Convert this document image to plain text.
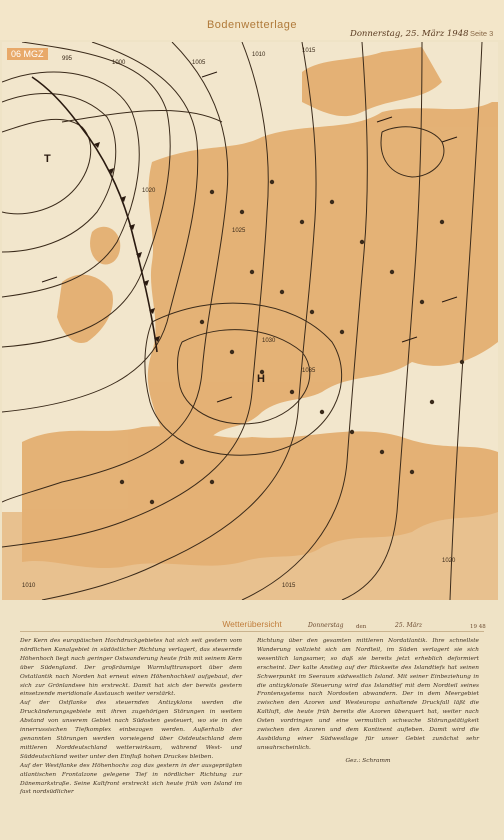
Bodenwetterlage
Donnerstag, 25. März 1948 Seite 3
995
1000	1005
1010
1015
1020
1025
1030
1035
1020
1015
1010
T
H
06 MGZ
Wetterübersicht	Donnerstag den	25. März	19 48

Der Kern des europäischen Hochdruckgebietes hat sich seit gestern vom nördlichen Kanalgebiet in südöstlicher Richtung verlagert, das steuernde Höhenhoch liegt nach geringer Ostwanderung heute früh mit seinem Kern über Südengland. Der großräumige Warmlufttransport über dem Ostatlantik nach Norden hat erneut einen Höhenhochkeil aufgebaut, der sich zur Grönlandsee hin erstreckt. Damit hat sich der bereits gestern einsetzende meridionale Austausch weiter verstärkt.

Auf der Ostflanke des steuernden Antizyklons werden die Druckänderungsgebiete mit ihren zugehörigen Störungen in weitem Abstand von unserem Gebiet nach Südosten gesteuert, wo sie in den innerrussischen Tiefkomplex einbezogen werden. Außerhalb der genannten Störungen werden vorwiegend über Ostdeutschland dem mittleren Norddeutschland wetterwirksam, während West- und Süddeutschland weiter unter den Einfluß hohen Druckes bleiben.

Auf der Westflanke des Höhenhochs zog das gestern in der ausgeprägten atlantischen Frontalzone gelegene Tief in nördlicher Richtung zur Dänemarkstraße. Seine Kaltfront erstreckt sich heute früh von Island im fast nordsüdlicher

Richtung über den gesamten mittleren Nordatlantik. Ihre schnellste Wanderung vollzieht sich am Nordteil, im Süden verlagert sie sich wesentlich langsamer, so daß sie bereits jetzt erheblich deformiert erscheint. Der kalte Anstieg auf der Rückseite des Islandtiefs hat seinen Schwerpunkt im Seeraum südwestlich Island. Mit seiner Einbeziehung in die antizyklonale Steuerung wird das Islandtief mit dem Nordteil seines Frontensystems nach Nordosten abwandern. Der in dem Meergebiet zwischen den Azoren und Westeuropa anhaltende Druckfall läßt die Kaltluft, die heute früh bereits die Azoren überquert hat, weiter nach Osten vordringen und eine vermutlich schwache Störungstätigkeit zwischen den Azoren und dem Kontinent aufleben. Damit wird die Ausbildung einer Südwestlage für unser Gebiet zunächst sehr unwahrscheinlich.

Gez.: Schramm
